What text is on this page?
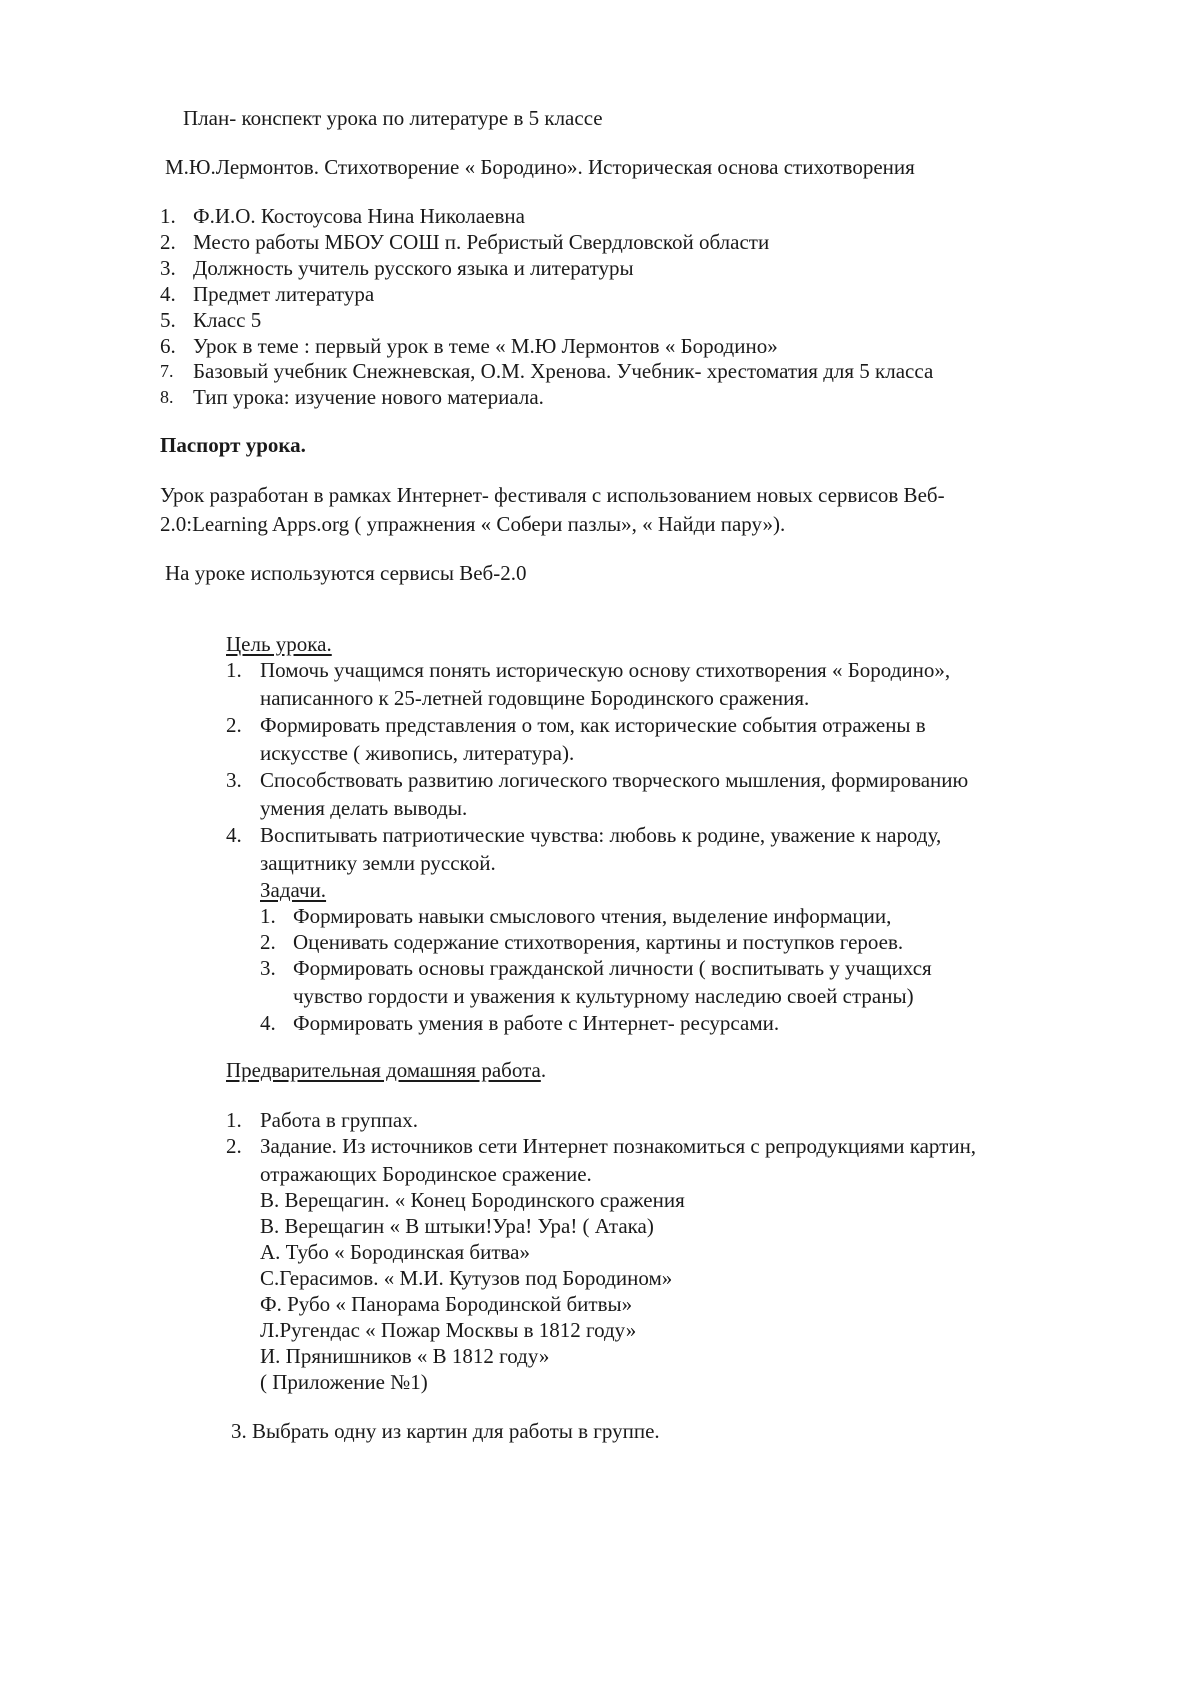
План- конспект урока по литературе в 5 классе
М.Ю.Лермонтов. Стихотворение « Бородино». Историческая основа стихотворения
1. Ф.И.О. Костоусова Нина Николаевна
2. Место работы МБОУ СОШ п. Ребристый Свердловской области
3. Должность учитель русского языка и литературы
4. Предмет литература
5. Класс 5
6. Урок в теме : первый урок в теме « М.Ю Лермонтов « Бородино»
7. Базовый учебник Снежневская, О.М. Хренова. Учебник- хрестоматия для 5 класса
8. Тип урока: изучение нового материала.
Паспорт урока.
Урок разработан в рамках Интернет- фестиваля с использованием новых сервисов Веб-
2.0:Learning Apps.org ( упражнения « Собери пазлы», « Найди пару»).
На уроке используются сервисы Веб-2.0
Цель урока.
1. Помочь учащимся понять историческую основу стихотворения « Бородино»,
написанного к 25-летней годовщине Бородинского сражения.
2. Формировать представления о том, как исторические события отражены в
искусстве ( живопись, литература).
3. Способствовать развитию логического творческого мышления, формированию
умения делать выводы.
4. Воспитывать патриотические чувства: любовь к родине, уважение к народу,
защитнику земли русской.
Задачи.
1. Формировать навыки смыслового чтения, выделение информации,
2. Оценивать содержание стихотворения, картины и поступков героев.
3. Формировать основы гражданской личности ( воспитывать у учащихся
чувство гордости и уважения к культурному наследию своей страны)
4. Формировать умения в работе с Интернет- ресурсами.
Предварительная домашняя работа.
1. Работа в группах.
2. Задание. Из источников сети Интернет познакомиться с репродукциями картин,
отражающих Бородинское сражение.
В. Верещагин. « Конец Бородинского сражения
В. Верещагин « В штыки!Ура! Ура! ( Атака)
А. Тубо « Бородинская битва»
С.Герасимов. « М.И. Кутузов под Бородином»
Ф. Рубо « Панорама Бородинской битвы»
Л.Ругендас « Пожар Москвы в 1812 году»
И. Прянишников « В 1812 году»
( Приложение №1)
3. Выбрать одну из картин для работы в группе.
